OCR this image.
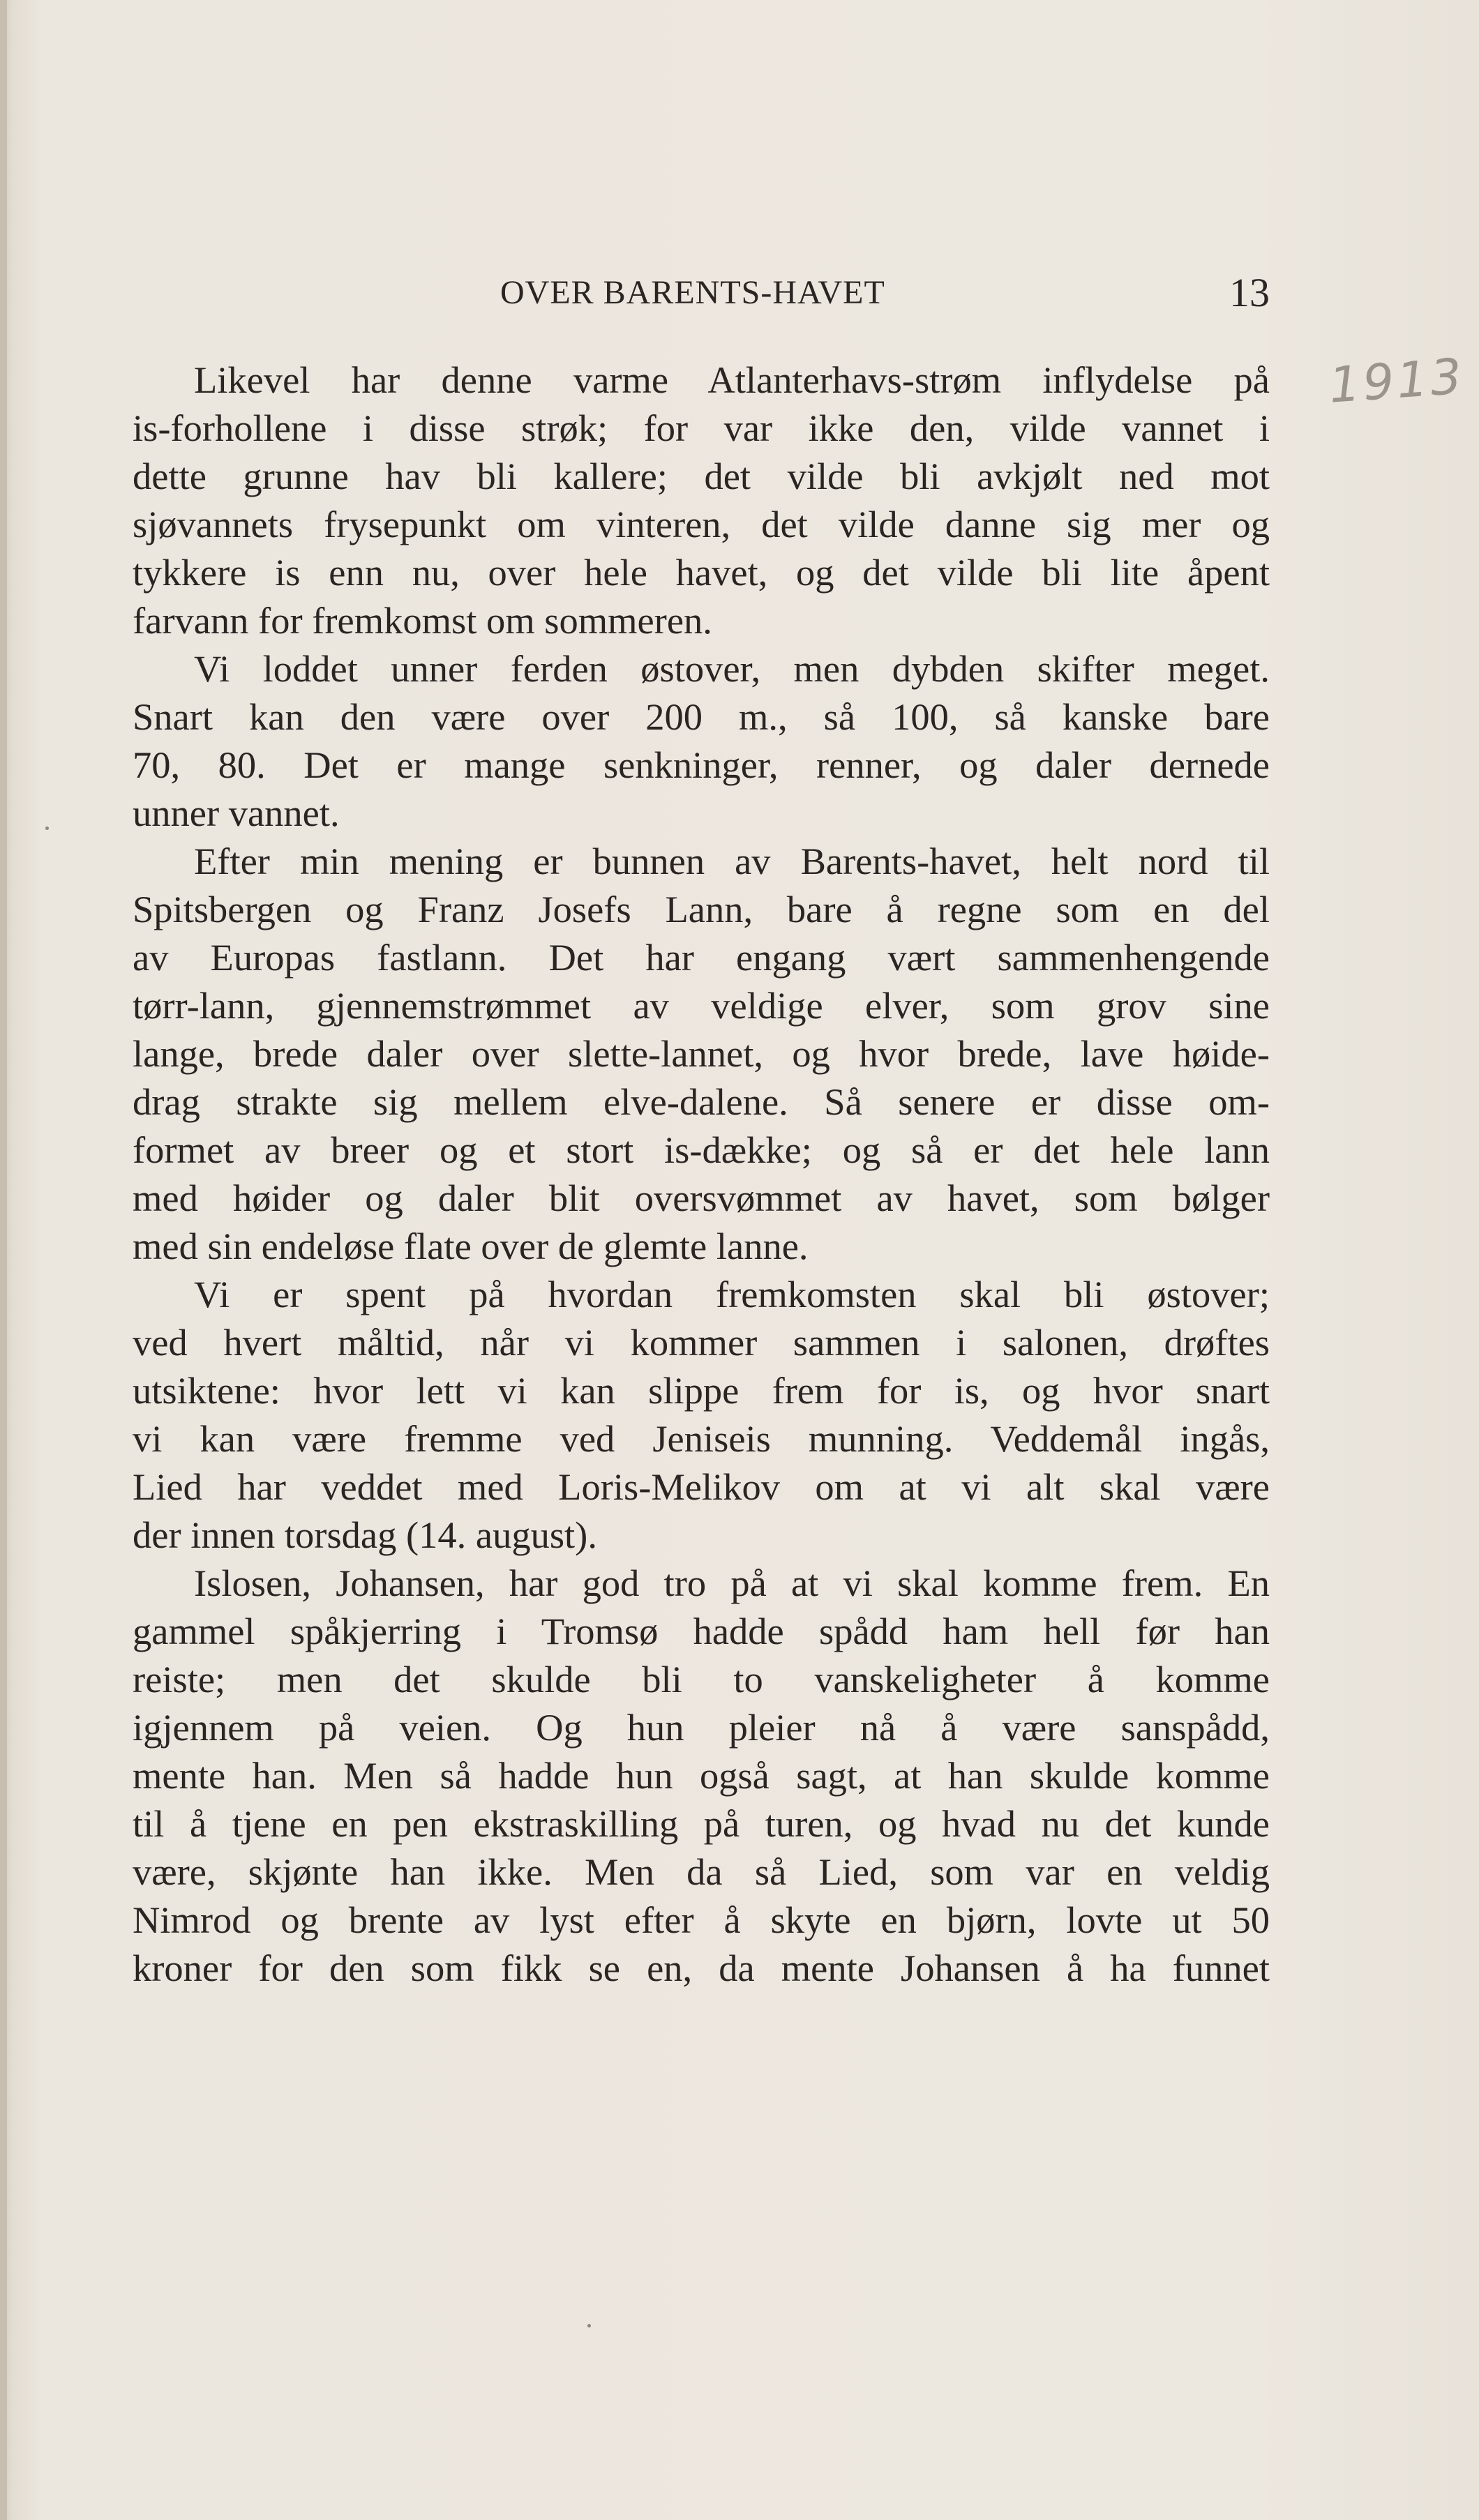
OVER BARENTS-HAVET	13
1913
Likevel har denne varme Atlanterhavs-strøm inflydelse på
is-forhollene i disse strøk; for var ikke den, vilde vannet i
dette grunne hav bli kallere; det vilde bli avkjølt ned mot
sjøvannets frysepunkt om vinteren, det vilde danne sig mer og
tykkere is enn nu, over hele havet, og det vilde bli lite åpent
farvann for fremkomst om sommeren.
Vi loddet unner ferden østover, men dybden skifter meget.
Snart kan den være over 200 m., så 100, så kanske bare
70, 80. Det er mange senkninger, renner, og daler dernede
unner vannet.
Efter min mening er bunnen av Barents-havet, helt nord til
Spitsbergen og Franz Josefs Lann, bare å regne som en del
av Europas fastlann. Det har engang vært sammenhengende
tørr-lann, gjennemstrømmet av veldige elver, som grov sine
lange, brede daler over slette-lannet, og hvor brede, lave høide-
drag strakte sig mellem elve-dalene. Så senere er disse om-
formet av breer og et stort is-dække; og så er det hele lann
med høider og daler blit oversvømmet av havet, som bølger
med sin endeløse flate over de glemte lanne.
Vi er spent på hvordan fremkomsten skal bli østover;
ved hvert måltid, når vi kommer sammen i salonen, drøftes
utsiktene: hvor lett vi kan slippe frem for is, og hvor snart
vi kan være fremme ved Jeniseis munning. Veddemål ingås,
Lied har veddet med Loris-Melikov om at vi alt skal være
der innen torsdag (14. august).
Islosen, Johansen, har god tro på at vi skal komme frem. En
gammel spåkjerring i Tromsø hadde spådd ham hell før han
reiste; men det skulde bli to vanskeligheter å komme
igjennem på veien. Og hun pleier nå å være sanspådd,
mente han. Men så hadde hun også sagt, at han skulde komme
til å tjene en pen ekstraskilling på turen, og hvad nu det kunde
være, skjønte han ikke. Men da så Lied, som var en veldig
Nimrod og brente av lyst efter å skyte en bjørn, lovte ut 50
kroner for den som fikk se en, da mente Johansen å ha funnet
